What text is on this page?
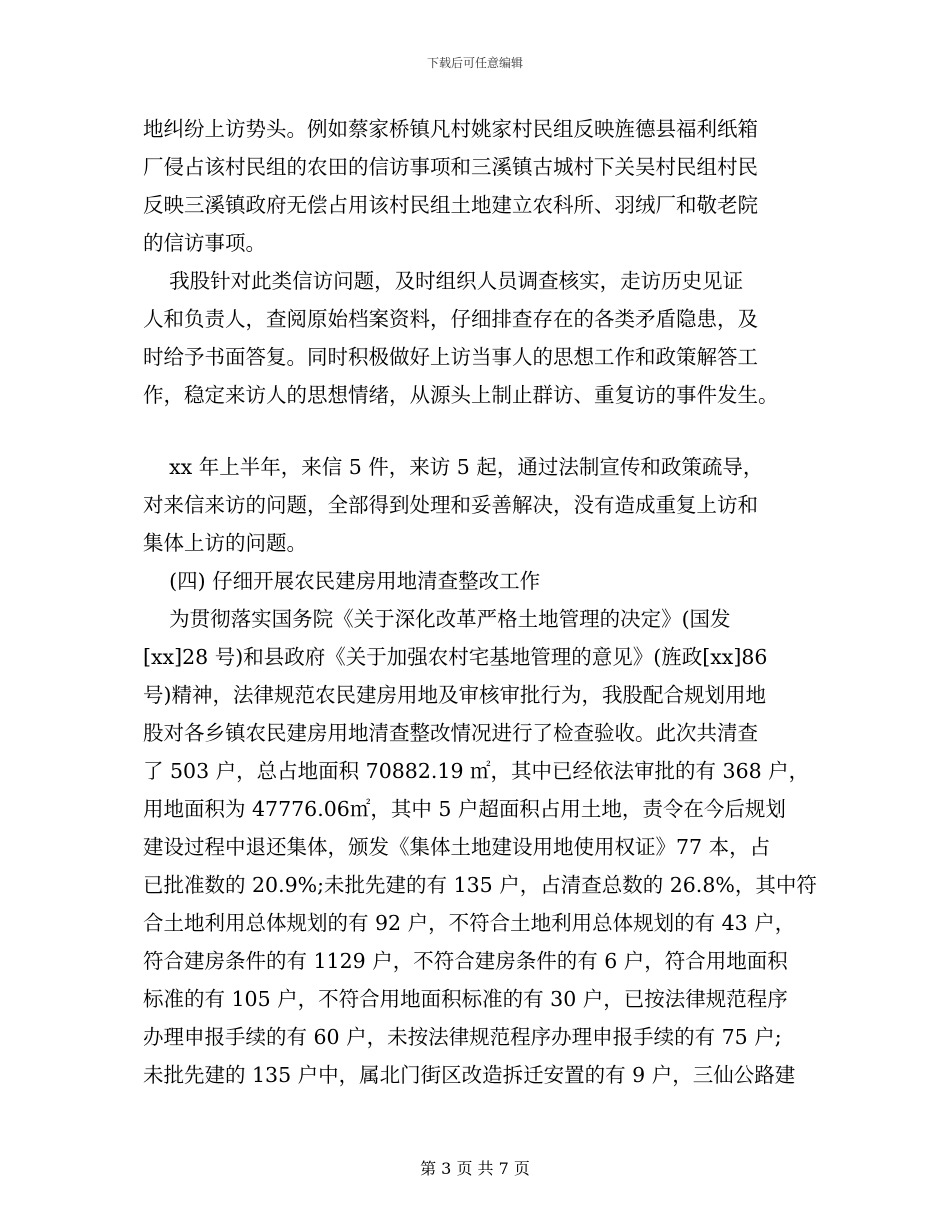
下载后可任意编辑
地纠纷上访势头。例如蔡家桥镇凡村姚家村民组反映旌德县福利纸箱
厂侵占该村民组的农田的信访事项和三溪镇古城村下关吴村民组村民
反映三溪镇政府无偿占用该村民组土地建立农科所、羽绒厂和敬老院
的信访事项。
我股针对此类信访问题，及时组织人员调查核实，走访历史见证
人和负责人，查阅原始档案资料，仔细排查存在的各类矛盾隐患，及
时给予书面答复。同时积极做好上访当事人的思想工作和政策解答工
作，稳定来访人的思想情绪，从源头上制止群访、重复访的事件发生。
xx 年上半年，来信 5 件，来访 5 起，通过法制宣传和政策疏导，
对来信来访的问题，全部得到处理和妥善解决，没有造成重复上访和
集体上访的问题。
(四) 仔细开展农民建房用地清查整改工作
为贯彻落实国务院《关于深化改革严格土地管理的决定》(国发
[xx]28 号)和县政府《关于加强农村宅基地管理的意见》(旌政[xx]86
号)精神，法律规范农民建房用地及审核审批行为，我股配合规划用地
股对各乡镇农民建房用地清查整改情况进行了检查验收。此次共清查
了 503 户，总占地面积 70882.19 ㎡，其中已经依法审批的有 368 户，
用地面积为 47776.06㎡，其中 5 户超面积占用土地，责令在今后规划
建设过程中退还集体，颁发《集体土地建设用地使用权证》77 本，占
已批准数的 20.9%;未批先建的有 135 户，占清查总数的 26.8%，其中符
合土地利用总体规划的有 92 户，不符合土地利用总体规划的有 43 户，
符合建房条件的有 1129 户，不符合建房条件的有 6 户，符合用地面积
标准的有 105 户，不符合用地面积标准的有 30 户，已按法律规范程序
办理申报手续的有 60 户，未按法律规范程序办理申报手续的有 75 户;
未批先建的 135 户中，属北门街区改造拆迁安置的有 9 户，三仙公路建
第 3 页 共 7 页
